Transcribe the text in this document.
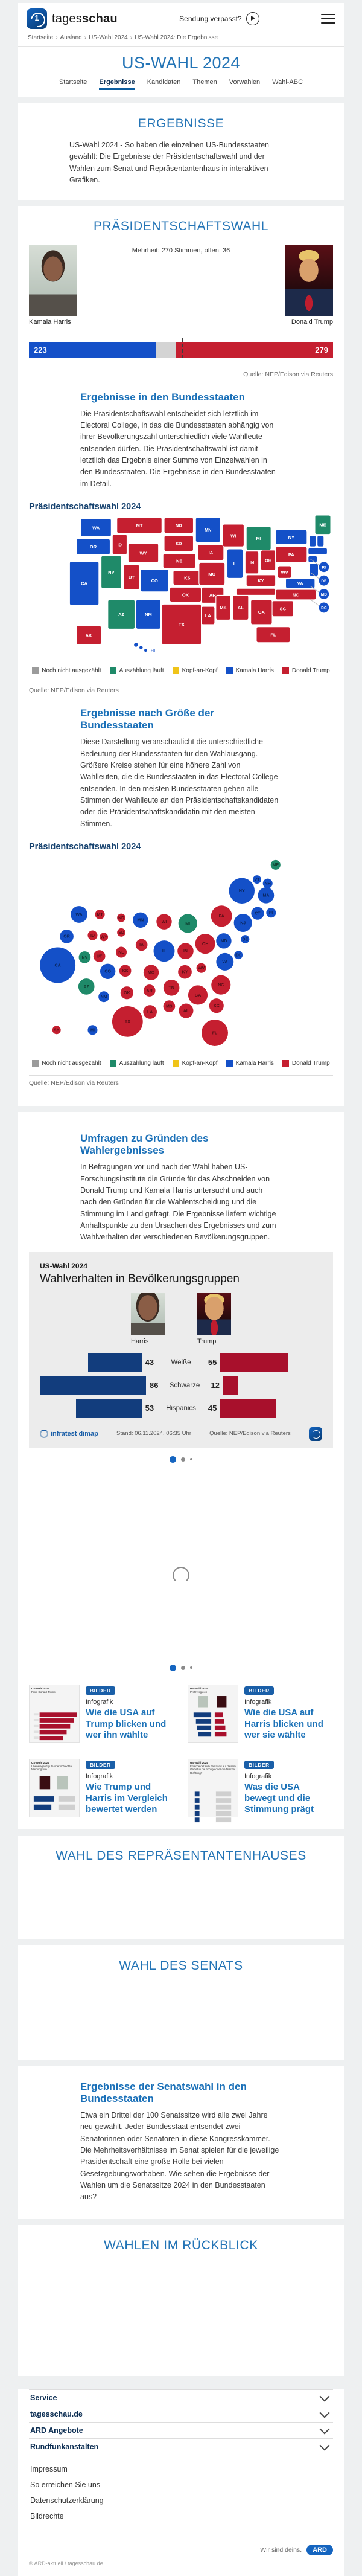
1
tagesschau	Sendung verpasst?
Startseite › Ausland › US-Wahl 2024 › US-Wahl 2024: Die Ergebnisse
US-WAHL 2024
Startseite Ergebnisse Kandidaten Themen Vorwahlen Wahl-ABC
ERGEBNISSE
US-Wahl 2024 - So haben die einzelnen US-Bundesstaaten gewählt: Die Ergebnisse der Präsidentschaftswahl und der Wahlen zum Senat und Repräsentantenhaus in interaktiven Grafiken.
PRÄSIDENTSCHAFTSWAHL
Mehrheit: 270 Stimmen, offen: 36
Kamala Harris	Donald Trump
223	279
Quelle: NEP/Edison via Reuters
Ergebnisse in den Bundesstaaten
Die Präsidentschaftswahl entscheidet sich letztlich im Electoral College, in das die Bundesstaaten abhängig von ihrer Bevölkerungszahl unterschiedlich viele Wahlleute entsenden dürfen. Die Präsidentschaftswahl ist damit letztlich das Ergebnis einer Summe von Einzelwahlen in den Bundesstaaten. Die Ergebnisse in den Bundesstaaten im Detail.
Präsidentschaftswahl 2024
WA
OR
CA
NV
ID
MT
WY
UT
CO
AZ	NM
ND
SD
NE
KS
OK
TX
MN
IA
MO
AR
LA
WI
IL
MS AL
MI
IN OH
KY
GA
FL
WV
VA
NC
SC
PA
NY
ME
AK
HI
RI
DE
MD
DC
Noch nicht ausgezählt	Auszählung läuft	Kopf-an-Kopf	Kamala Harris	Donald Trump
Quelle: NEP/Edison via Reuters
Ergebnisse nach Größe der Bundesstaaten
Diese Darstellung veranschaulicht die unterschiedliche Bedeutung der Bundesstaaten für den Wahlausgang. Größere Kreise stehen für eine höhere Zahl von Wahlleuten, die die Bundesstaaten in das Electoral College entsenden. In den meisten Bundesstaaten gehen alle Stimmen der Wahlleute an den Präsidentschaftskandidaten oder die Präsidentschaftskandidatin mit den meisten Stimmen.
Präsidentschaftswahl 2024
ME
VT
NH
NY
MA
CT RI
WA	MT
ND
MN	WI	MI
PA
NJ
OR	ID WY
SD
MD	DE
OH
IA
NE	IL	IN
NV UT
CA
WV
VA
DC
CO	KS	MO	KY
NC
TN
AR
GA
OK
AZ
NM
SC
MS
AL
LA
TX
FL
AK	HI
Noch nicht ausgezählt	Auszählung läuft	Kopf-an-Kopf	Kamala Harris	Donald Trump
Quelle: NEP/Edison via Reuters
Umfragen zu Gründen des Wahlergebnisses
In Befragungen vor und nach der Wahl haben US-Forschungsinstitute die Gründe für das Abschneiden von Donald Trump und Kamala Harris untersucht und auch nach den Gründen für die Wahlentscheidung und die Stimmung im Land gefragt. Die Ergebnisse liefern wichtige Anhaltspunkte zu den Ursachen des Ergebnisses und zum Wahlverhalten der verschiedenen Bevölkerungsgruppen.
US-Wahl 2024
Wahlverhalten in Bevölkerungsgruppen
Harris	Trump
43	Weiße	55
86	Schwarze	12
53	Hispanics	45
infratest dimap	Stand: 06.11.2024, 06:35 Uhr	Quelle: NEP/Edison via Reuters
US-Wahl 2024
Profil Donald Trump	BILDER
Infografik
Wie die USA auf Trump blicken und wer ihn wählte
US-Wahl 2024
Profilvergleich	BILDER
Infografik
Wie die USA auf Harris blicken und wer sie wählte
US-Wahl 2024
Überwiegend gute oder schlechte Meinung von...
BILDER
Infografik
Wie Trump und Harris im Vergleich bewertet werden
US-Wahl 2024
Entscheidet sich das Land auf diesem Gebiet in die richtige oder die falsche Richtung?
BILDER
Infografik
Was die USA bewegt und die Stimmung prägt
WAHL DES REPRÄSENTANTENHAUSES
WAHL DES SENATS
Ergebnisse der Senatswahl in den Bundesstaaten
Etwa ein Drittel der 100 Senatssitze wird alle zwei Jahre neu gewählt. Jeder Bundesstaat entsendet zwei Senatorinnen oder Senatoren in diese Kongresskammer. Die Mehrheitsverhältnisse im Senat spielen für die jeweilige Präsidentschaft eine große Rolle bei vielen Gesetzgebungsvorhaben. Wie sehen die Ergebnisse der Wahlen um die Senatssitze 2024 in den Bundesstaaten aus?
WAHLEN IM RÜCKBLICK
Service
tagesschau.de
ARD Angebote
Rundfunkanstalten
Impressum
So erreichen Sie uns
Datenschutzerklärung
Bildrechte
Wir sind deins.	ARD
© ARD-aktuell / tagesschau.de
